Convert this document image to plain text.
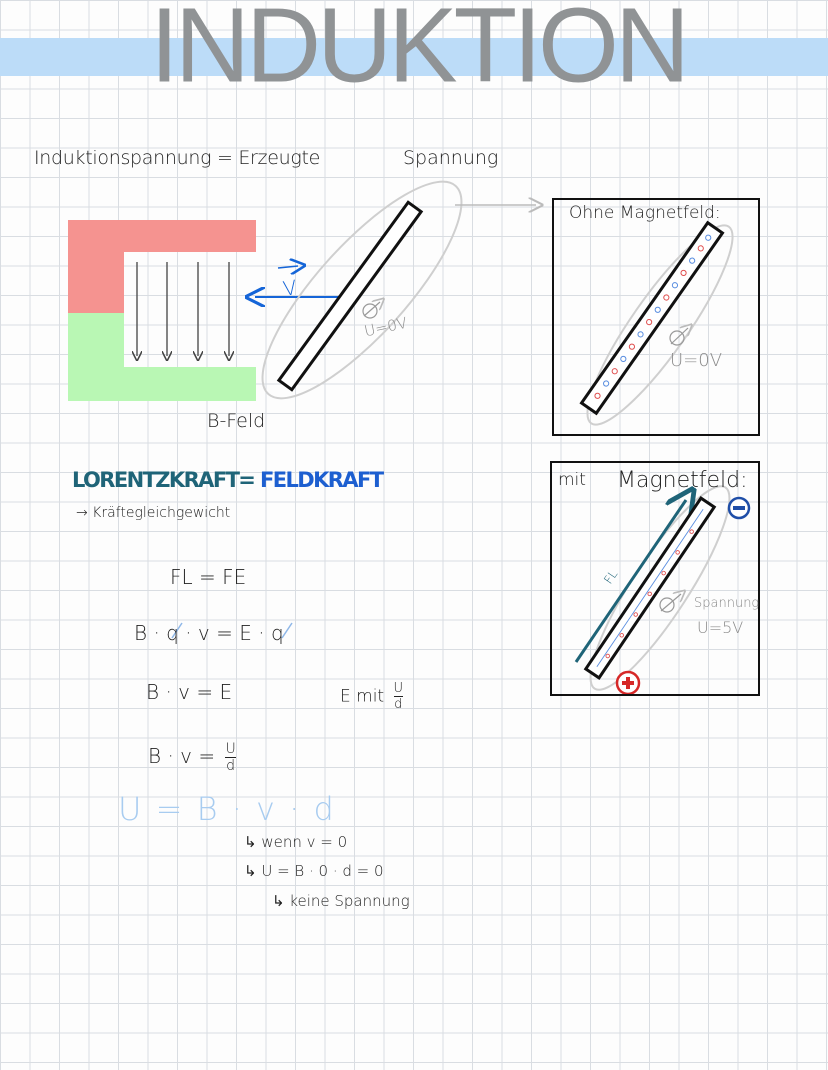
INDUKTION
Induktionspannung = Erzeugte	Spannung
V
U=0V
B-Feld
Ohne Magnetfeld:
U=0V
mit Magnetfeld:
FL
Spannung
U=5V
LORENTZKRAFT= FELDKRAFT
→ Kräftegleichgewicht
FL = FE
B · q · v = E · q
B · v = E	E mit $\frac{U}{d}$
$B \cdot v = \frac{U}{d}$
U = B · v · d
↳ wenn v = 0
↳ U = B · 0 · d = 0
↳ keine Spannung
